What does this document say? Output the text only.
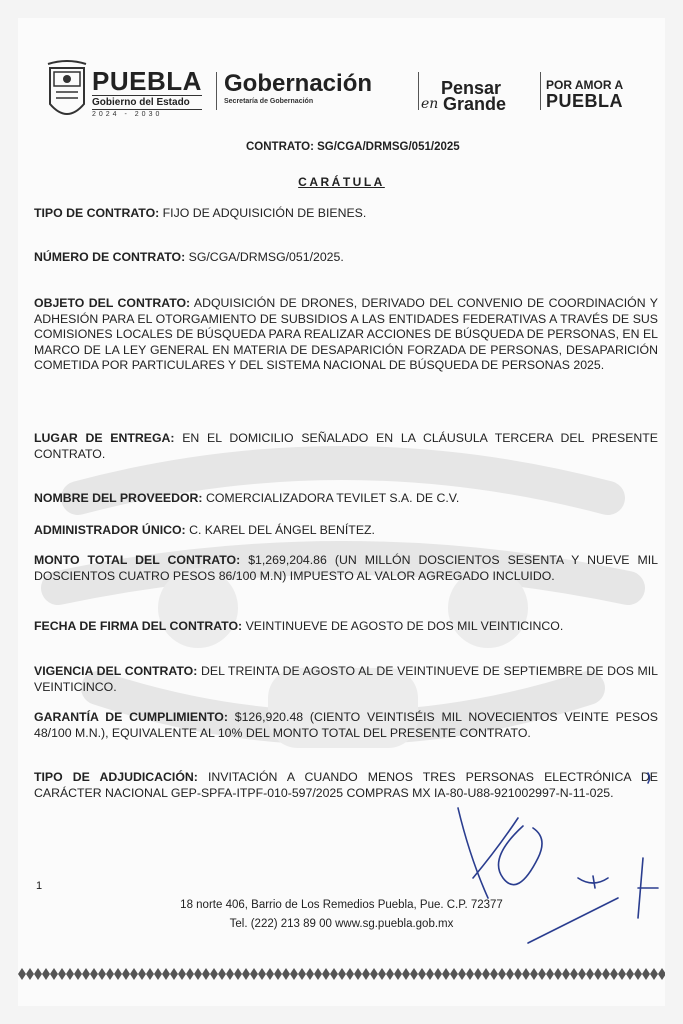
PUEBLA
Gobierno del Estado
2024 - 2030
Gobernación
Secretaría de Gobernación
Pensar
en Grande
POR AMOR A
PUEBLA
CONTRATO: SG/CGA/DRMSG/051/2025
CARÁTULA
TIPO DE CONTRATO: FIJO DE ADQUISICIÓN DE BIENES.
NÚMERO DE CONTRATO: SG/CGA/DRMSG/051/2025.
OBJETO DEL CONTRATO: ADQUISICIÓN DE DRONES, DERIVADO DEL CONVENIO DE COORDINACIÓN Y ADHESIÓN PARA EL OTORGAMIENTO DE SUBSIDIOS A LAS ENTIDADES FEDERATIVAS A TRAVÉS DE SUS COMISIONES LOCALES DE BÚSQUEDA PARA REALIZAR ACCIONES DE BÚSQUEDA DE PERSONAS, EN EL MARCO DE LA LEY GENERAL EN MATERIA DE DESAPARICIÓN FORZADA DE PERSONAS, DESAPARICIÓN COMETIDA POR PARTICULARES Y DEL SISTEMA NACIONAL DE BÚSQUEDA DE PERSONAS 2025.
LUGAR DE ENTREGA: EN EL DOMICILIO SEÑALADO EN LA CLÁUSULA TERCERA DEL PRESENTE CONTRATO.
NOMBRE DEL PROVEEDOR: COMERCIALIZADORA TEVILET S.A. DE C.V.
ADMINISTRADOR ÚNICO: C. KAREL DEL ÁNGEL BENÍTEZ.
MONTO TOTAL DEL CONTRATO: $1,269,204.86 (UN MILLÓN DOSCIENTOS SESENTA Y NUEVE MIL DOSCIENTOS CUATRO PESOS 86/100 M.N) IMPUESTO AL VALOR AGREGADO INCLUIDO.
FECHA DE FIRMA DEL CONTRATO: VEINTINUEVE DE AGOSTO DE DOS MIL VEINTICINCO.
VIGENCIA DEL CONTRATO: DEL TREINTA DE AGOSTO AL DE VEINTINUEVE DE SEPTIEMBRE DE DOS MIL VEINTICINCO.
GARANTÍA DE CUMPLIMIENTO: $126,920.48 (CIENTO VEINTISÉIS MIL NOVECIENTOS VEINTE PESOS 48/100 M.N.), EQUIVALENTE AL 10% DEL MONTO TOTAL DEL PRESENTE CONTRATO.
TIPO DE ADJUDICACIÓN: INVITACIÓN A CUANDO MENOS TRES PERSONAS ELECTRÓNICA DE CARÁCTER NACIONAL GEP-SPFA-ITPF-010-597/2025 COMPRAS MX IA-80-U88-921002997-N-11-025.
1
18 norte 406, Barrio de Los Remedios Puebla, Pue. C.P. 72377
Tel. (222) 213 89 00 www.sg.puebla.gob.mx
